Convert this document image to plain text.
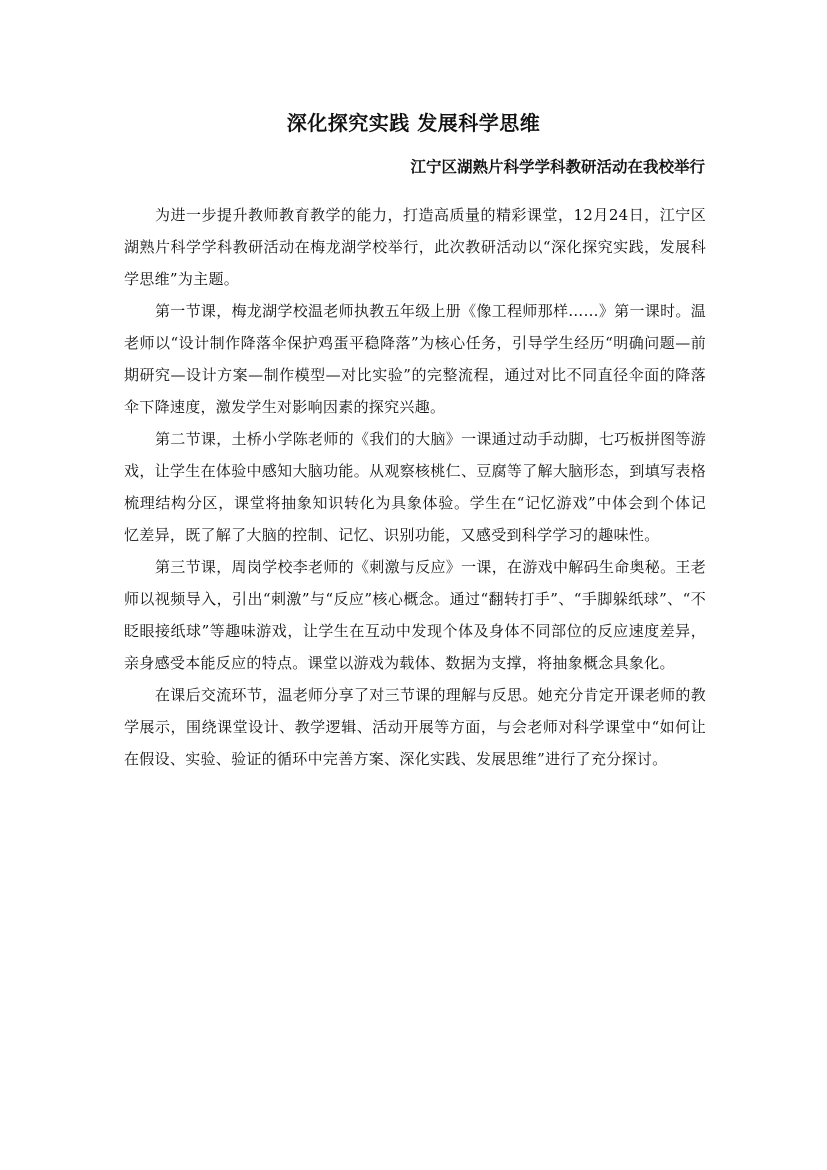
深化探究实践 发展科学思维
江宁区湖熟片科学学科教研活动在我校举行

为进一步提升教师教育教学的能力，打造高质量的精彩课堂，12月24日，江宁区湖熟片科学学科教研活动在梅龙湖学校举行，此次教研活动以“深化探究实践，发展科学思维”为主题。

第一节课，梅龙湖学校温老师执教五年级上册《像工程师那样……》第一课时。温老师以“设计制作降落伞保护鸡蛋平稳降落”为核心任务，引导学生经历“明确问题—前期研究—设计方案—制作模型—对比实验”的完整流程，通过对比不同直径伞面的降落伞下降速度，激发学生对影响因素的探究兴趣。

第二节课，土桥小学陈老师的《我们的大脑》一课通过动手动脚，七巧板拼图等游戏，让学生在体验中感知大脑功能。从观察核桃仁、豆腐等了解大脑形态，到填写表格梳理结构分区，课堂将抽象知识转化为具象体验。学生在“记忆游戏”中体会到个体记忆差异，既了解了大脑的控制、记忆、识别功能，又感受到科学学习的趣味性。

第三节课，周岗学校李老师的《刺激与反应》一课，在游戏中解码生命奥秘。王老师以视频导入，引出“刺激”与“反应”核心概念。通过“翻转打手”、“手脚躲纸球”、“不眨眼接纸球”等趣味游戏，让学生在互动中发现个体及身体不同部位的反应速度差异，亲身感受本能反应的特点。课堂以游戏为载体、数据为支撑，将抽象概念具象化。

在课后交流环节，温老师分享了对三节课的理解与反思。她充分肯定开课老师的教学展示，围绕课堂设计、教学逻辑、活动开展等方面，与会老师对科学课堂中“如何让在假设、实验、验证的循环中完善方案、深化实践、发展思维”进行了充分探讨。
